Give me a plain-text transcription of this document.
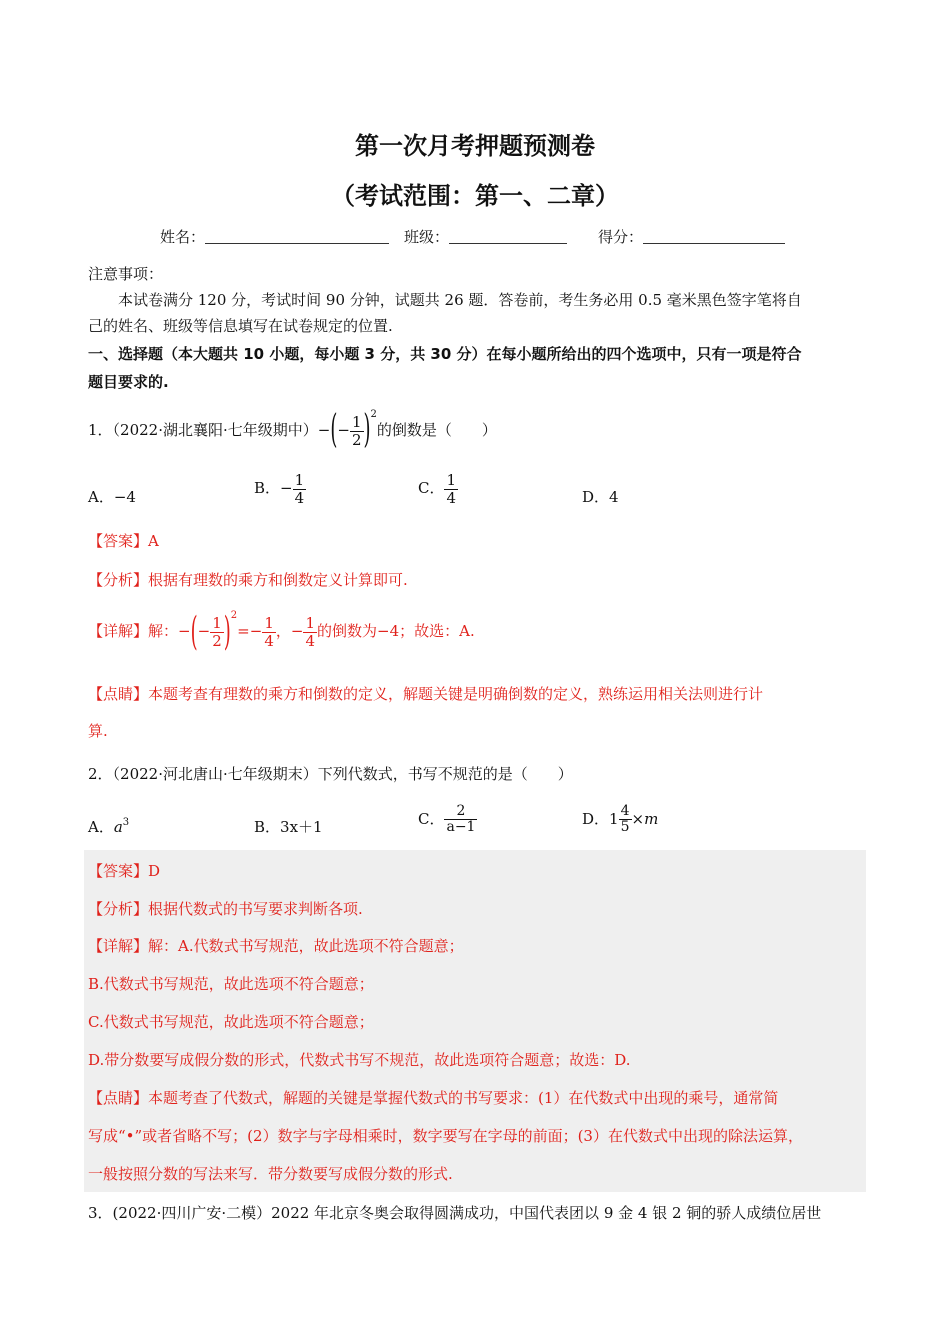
第一次月考押题预测卷
（考试范围：第一、二章）
姓名：	班级：	得分：
注意事项：
本试卷满分 120 分，考试时间 90 分钟，试题共 26 题．答卷前，考生务必用 0.5 毫米黑色签字笔将自
己的姓名、班级等信息填写在试卷规定的位置.
一、选择题（本大题共 10 小题，每小题 3 分，共 30 分）在每小题所给出的四个选项中，只有一项是符合
题目要求的.
1．（2022·湖北襄阳·七年级期中）−(− $\frac{1}{2} )^2$的倒数是（　　）
A．−4	B．− $\frac{1}{4}$	C． $\frac{1}{4}$	D．4
【答案】A
【分析】根据有理数的乘方和倒数定义计算即可.
【详解】解：−(− $\frac{1}{2} )^2=- \frac{1}{4}$ ，− $\frac{1}{4}$ 的倒数为−4；故选：A.
【点睛】本题考查有理数的乘方和倒数的定义，解题关键是明确倒数的定义，熟练运用相关法则进行计
算.
2．（2022·河北唐山·七年级期末）下列代数式，书写不规范的是（　　）
A．$a^3$	B．3x＋1	C． $\frac{2}{a-1}$	D．$1 \frac{4}{5} \times m$
【答案】D
【分析】根据代数式的书写要求判断各项.
【详解】解：A.代数式书写规范，故此选项不符合题意；
B.代数式书写规范，故此选项不符合题意；
C.代数式书写规范，故此选项不符合题意；
D.带分数要写成假分数的形式，代数式书写不规范，故此选项符合题意；故选：D.
【点睛】本题考查了代数式，解题的关键是掌握代数式的书写要求：(1）在代数式中出现的乘号，通常简
写成“•”或者省略不写；(2）数字与字母相乘时，数字要写在字母的前面；(3）在代数式中出现的除法运算，
一般按照分数的写法来写．带分数要写成假分数的形式.
3．(2022·四川广安·二模）2022 年北京冬奥会取得圆满成功，中国代表团以 9 金 4 银 2 铜的骄人成绩位居世
